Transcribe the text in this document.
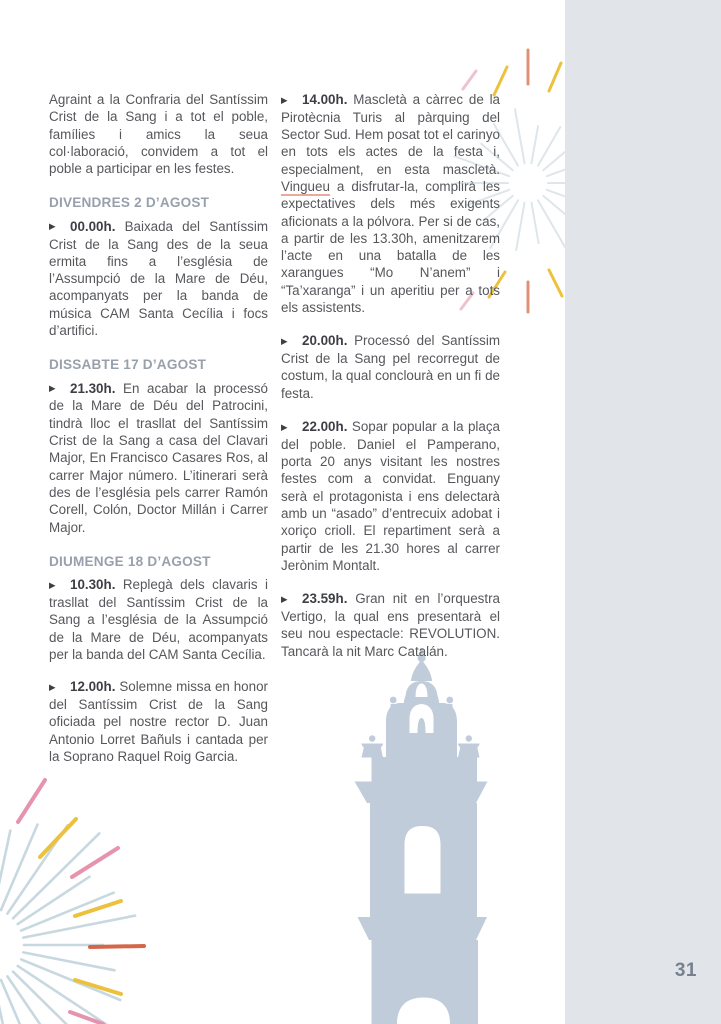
31

Agraint a la Confraria del Santíssim Crist de la Sang i a tot el poble, famílies i amics la seua col·laboració, convidem a tot el poble a participar en les festes.

DIVENDRES 2 D’AGOST

▶ 00.00h. Baixada del Santíssim Crist de la Sang des de la seua ermita fins a l’església de l’Assumpció de la Mare de Déu, acompanyats per la banda de música CAM Santa Cecília i focs d’artifici.

DISSABTE 17 D’AGOST

▶ 21.30h. En acabar la processó de la Mare de Déu del Patrocini, tindrà lloc el trasllat del Santíssim Crist de la Sang a casa del Clavari Major, En Francisco Casares Ros, al carrer Major número. L’itinerari serà des de l’església pels carrer Ramón Corell, Colón, Doctor Millán i Carrer Major.

DIUMENGE 18 D’AGOST

▶ 10.30h. Replegà dels clavaris i trasllat del Santíssim Crist de la Sang a l’església de la Assumpció de la Mare de Déu, acompanyats per la banda del CAM Santa Cecília.

▶ 12.00h. Solemne missa en honor del Santíssim Crist de la Sang oficiada pel nostre rector D. Juan Antonio Lorret Bañuls i cantada per la Soprano Raquel Roig Garcia.

▶ 14.00h. Mascletà a càrrec de la Pirotècnia Turis al pàrquing del Sector Sud. Hem posat tot el carinyo en tots els actes de la festa i, especialment, en esta mascletà. Vingueu a disfrutar-la, complirà les expectatives dels més exigents aficionats a la pólvora. Per si de cas, a partir de les 13.30h, amenitzarem l’acte en una batalla de les xarangues “Mo N’anem” i “Ta’xaranga” i un aperitiu per a tots els assistents.

▶ 20.00h. Processó del Santíssim Crist de la Sang pel recorregut de costum, la qual conclourà en un fi de festa.

▶ 22.00h. Sopar popular a la plaça del poble. Daniel el Pamperano, porta 20 anys visitant les nostres festes com a convidat. Enguany serà el protagonista i ens delectarà amb un “asado” d’entrecuix adobat i xoriço crioll. El repartiment serà a partir de les 21.30 hores al carrer Jerònim Montalt.

▶ 23.59h. Gran nit en l’orquestra Vertigo, la qual ens presentarà el seu nou espectacle: REVOLUTION. Tancarà la nit Marc Catalán.
